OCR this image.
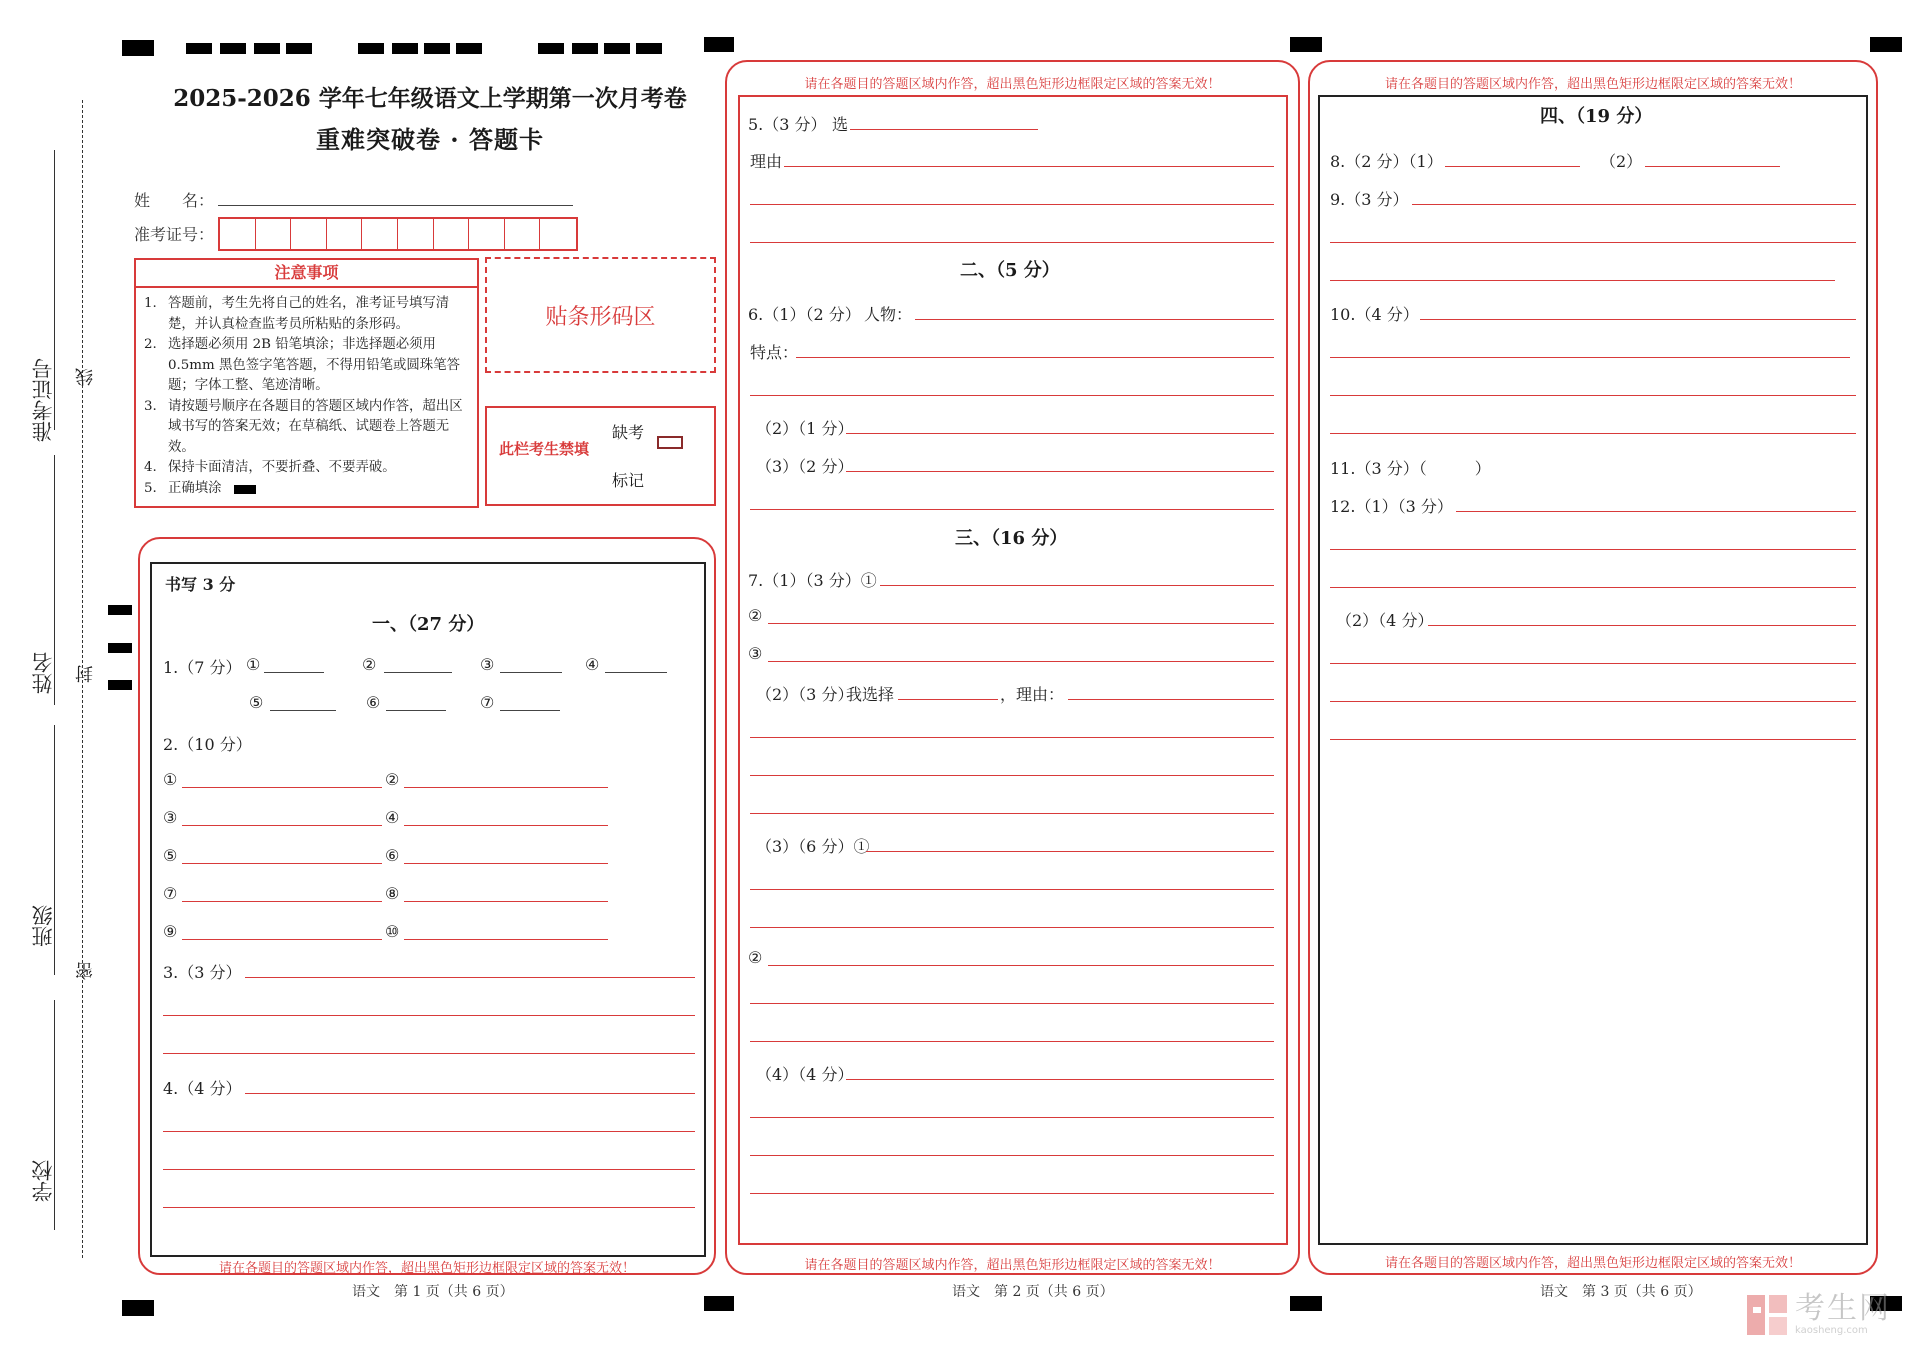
准考证号 线
姓名 封
班级
密
学校
2025-2026 学年七年级语文上学期第一次月考卷
重难突破卷 · 答题卡
姓　　名：
准考证号：
注意事项
1. 答题前，考生先将自己的姓名，准考证号填写清楚，并认真检查监考员所粘贴的条形码。
2. 选择题必须用 2B 铅笔填涂；非选择题必须用 0.5mm 黑色签字笔答题，不得用铅笔或圆珠笔答题；字体工整、笔迹清晰。
3. 请按题号顺序在各题目的答题区域内作答，超出区域书写的答案无效；在草稿纸、试题卷上答题无效。
4. 保持卡面清洁，不要折叠、不要弄破。
5. 正确填涂
贴条形码区
此栏考生禁填
缺考
标记
请在各题目的答题区域内作答，超出黑色矩形边框限定区域的答案无效！
书写 3 分
一、（27 分）
1.（7 分） ①	②	③	④
⑤	⑥	⑦
2.（10 分）
①	②
③	④
⑤	⑥
⑦	⑧
⑨	⑩
3.（3 分）
4.（4 分）
语文　第 1 页（共 6 页）
请在各题目的答题区域内作答，超出黑色矩形边框限定区域的答案无效！
请在各题目的答题区域内作答，超出黑色矩形边框限定区域的答案无效！
5.（3 分） 选
理由
二、（5 分）
6.（1）（2 分） 人物：
特点：
（2）（1 分）
（3）（2 分）
三、（16 分）
7.（1）（3 分）①
②
③
（2）（3 分）
我选择	，理由：
（3）（6 分）①
②
（4）（4 分）
语文　第 2 页（共 6 页）
请在各题目的答题区域内作答，超出黑色矩形边框限定区域的答案无效！
请在各题目的答题区域内作答，超出黑色矩形边框限定区域的答案无效！
四、（19 分）
8.（2 分）（1）	（2）
9.（3 分）
10.（4 分）
11.（3 分）（　　　）
12.（1）（3 分）
（2）（4 分）
语文　第 3 页（共 6 页）	考生网
kaosheng.com
